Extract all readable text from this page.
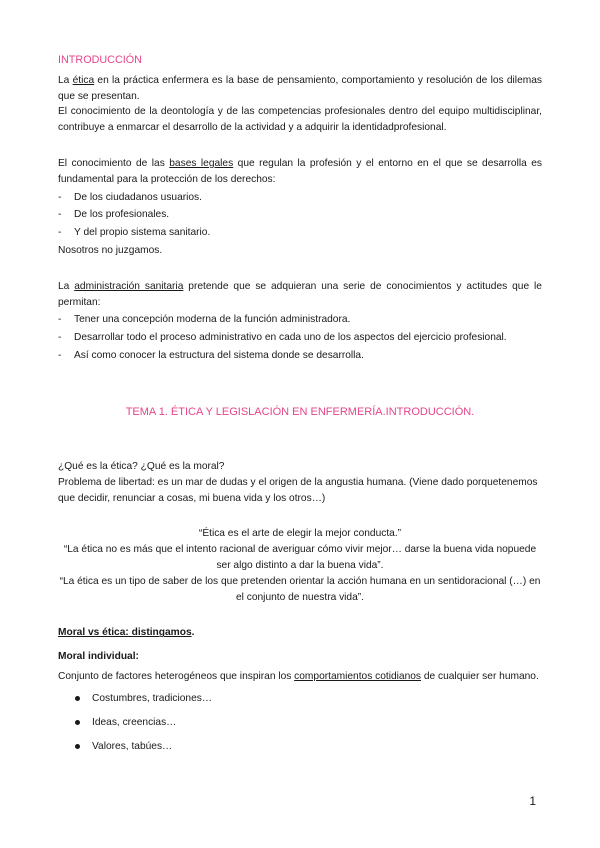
INTRODUCCIÓN

La ética en la práctica enfermera es la base de pensamiento, comportamiento y resolución de los dilemas que se presentan.

El conocimiento de la deontología y de las competencias profesionales dentro del equipo multidisciplinar, contribuye a enmarcar el desarrollo de la actividad y a adquirir la identidadprofesional.

El conocimiento de las bases legales que regulan la profesión y el entorno en el que se desarrolla es fundamental para la protección de los derechos:

- De los ciudadanos usuarios.
- De los profesionales.
- Y del propio sistema sanitario.

Nosotros no juzgamos.

La administración sanitaria pretende que se adquieran una serie de conocimientos y actitudes que le permitan:

- Tener una concepción moderna de la función administradora.
- Desarrollar todo el proceso administrativo en cada uno de los aspectos del ejercicio profesional.
- Así como conocer la estructura del sistema donde se desarrolla.
TEMA 1. ÉTICA Y LEGISLACIÓN EN ENFERMERÍA.INTRODUCCIÓN.

¿Qué es la ética? ¿Qué es la moral?

Problema de libertad: es un mar de dudas y el origen de la angustia humana. (Viene dado porquetenemos que decidir, renunciar a cosas, mi buena vida y los otros…)

“Ética es el arte de elegir la mejor conducta.”

“La ética no es más que el intento racional de averiguar cómo vivir mejor… darse la buena vida nopuede ser algo distinto a dar la buena vida”.

“La ética es un tipo de saber de los que pretenden orientar la acción humana en un sentidoracional (…) en el conjunto de nuestra vida”.

Moral vs ética: distingamos.

Moral individual:

Conjunto de factores heterogéneos que inspiran los comportamientos cotidianos de cualquier ser humano.

Costumbres, tradiciones…
Ideas, creencias…
Valores, tabúes…
1
